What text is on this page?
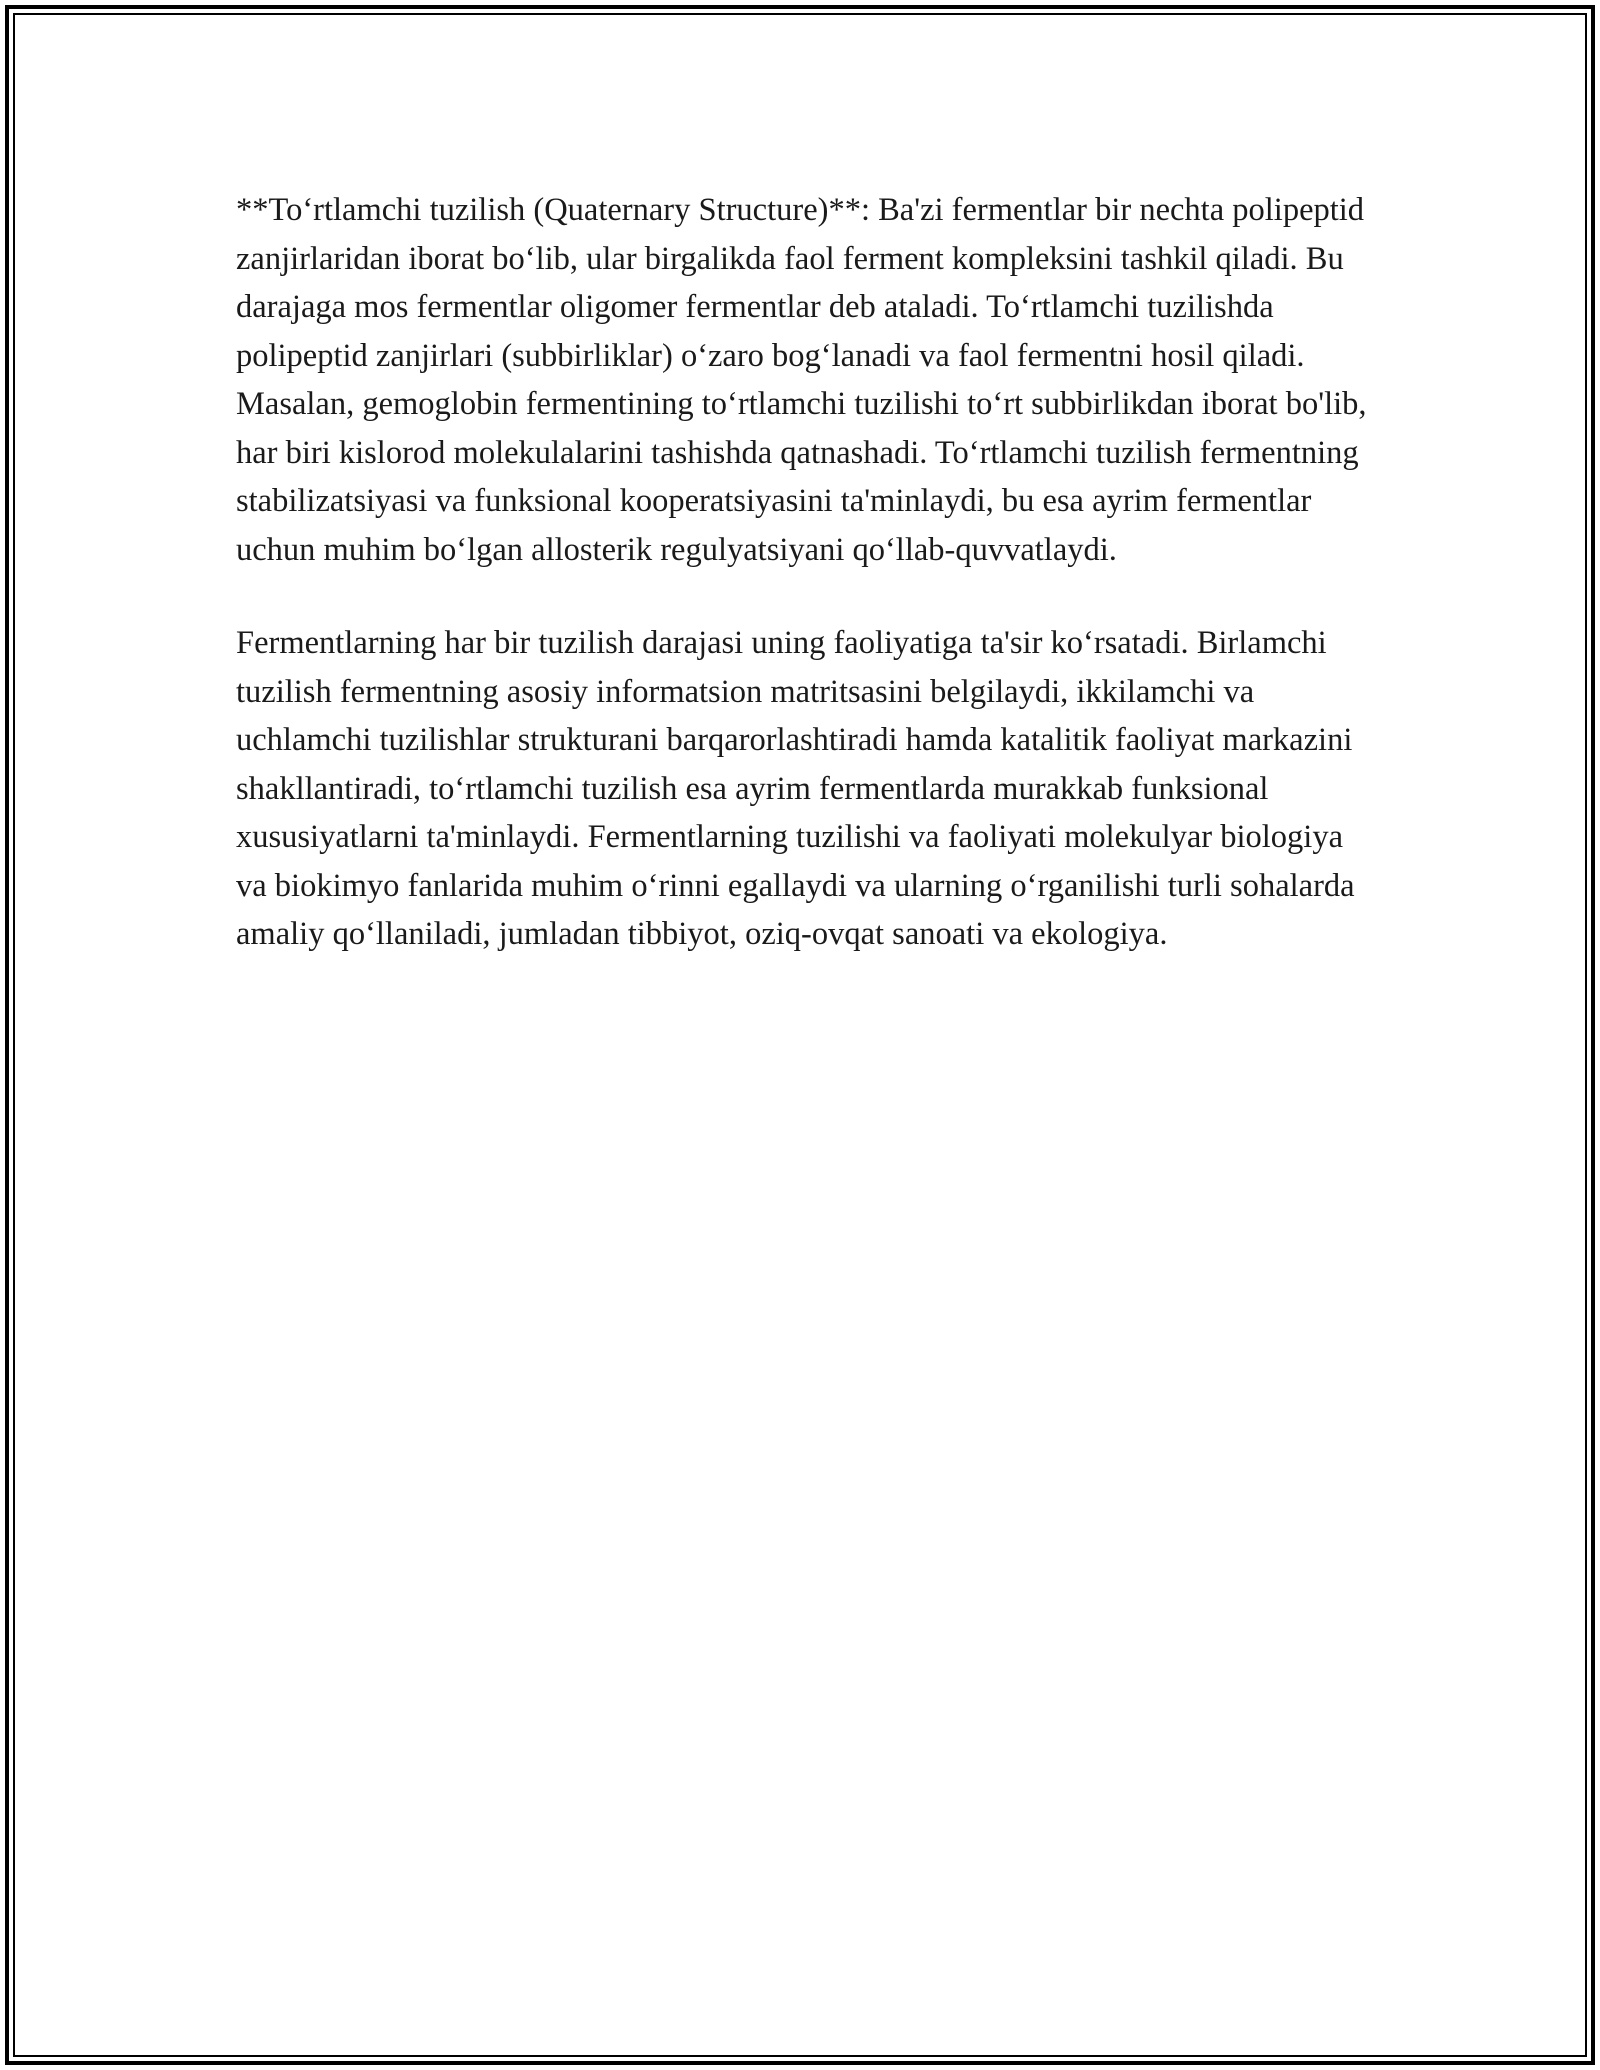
**To‘rtlamchi tuzilish (Quaternary Structure)**: Ba'zi fermentlar bir nechta polipeptid zanjirlaridan iborat bo‘lib, ular birgalikda faol ferment kompleksini tashkil qiladi. Bu darajaga mos fermentlar oligomer fermentlar deb ataladi. To‘rtlamchi tuzilishda polipeptid zanjirlari (subbirliklar) o‘zaro bog‘lanadi va faol fermentni hosil qiladi. Masalan, gemoglobin fermentining to‘rtlamchi tuzilishi to‘rt subbirlikdan iborat bo'lib, har biri kislorod molekulalarini tashishda qatnashadi. To‘rtlamchi tuzilish fermentning stabilizatsiyasi va funksional kooperatsiyasini ta'minlaydi, bu esa ayrim fermentlar uchun muhim bo‘lgan allosterik regulyatsiyani qo‘llab-quvvatlaydi.

Fermentlarning har bir tuzilish darajasi uning faoliyatiga ta'sir ko‘rsatadi. Birlamchi tuzilish fermentning asosiy informatsion matritsasini belgilaydi, ikkilamchi va uchlamchi tuzilishlar strukturani barqarorlashtiradi hamda katalitik faoliyat markazini shakllantiradi, to‘rtlamchi tuzilish esa ayrim fermentlarda murakkab funksional xususiyatlarni ta'minlaydi. Fermentlarning tuzilishi va faoliyati molekulyar biologiya va biokimyo fanlarida muhim o‘rinni egallaydi va ularning o‘rganilishi turli sohalarda amaliy qo‘llaniladi, jumladan tibbiyot, oziq-ovqat sanoati va ekologiya.
